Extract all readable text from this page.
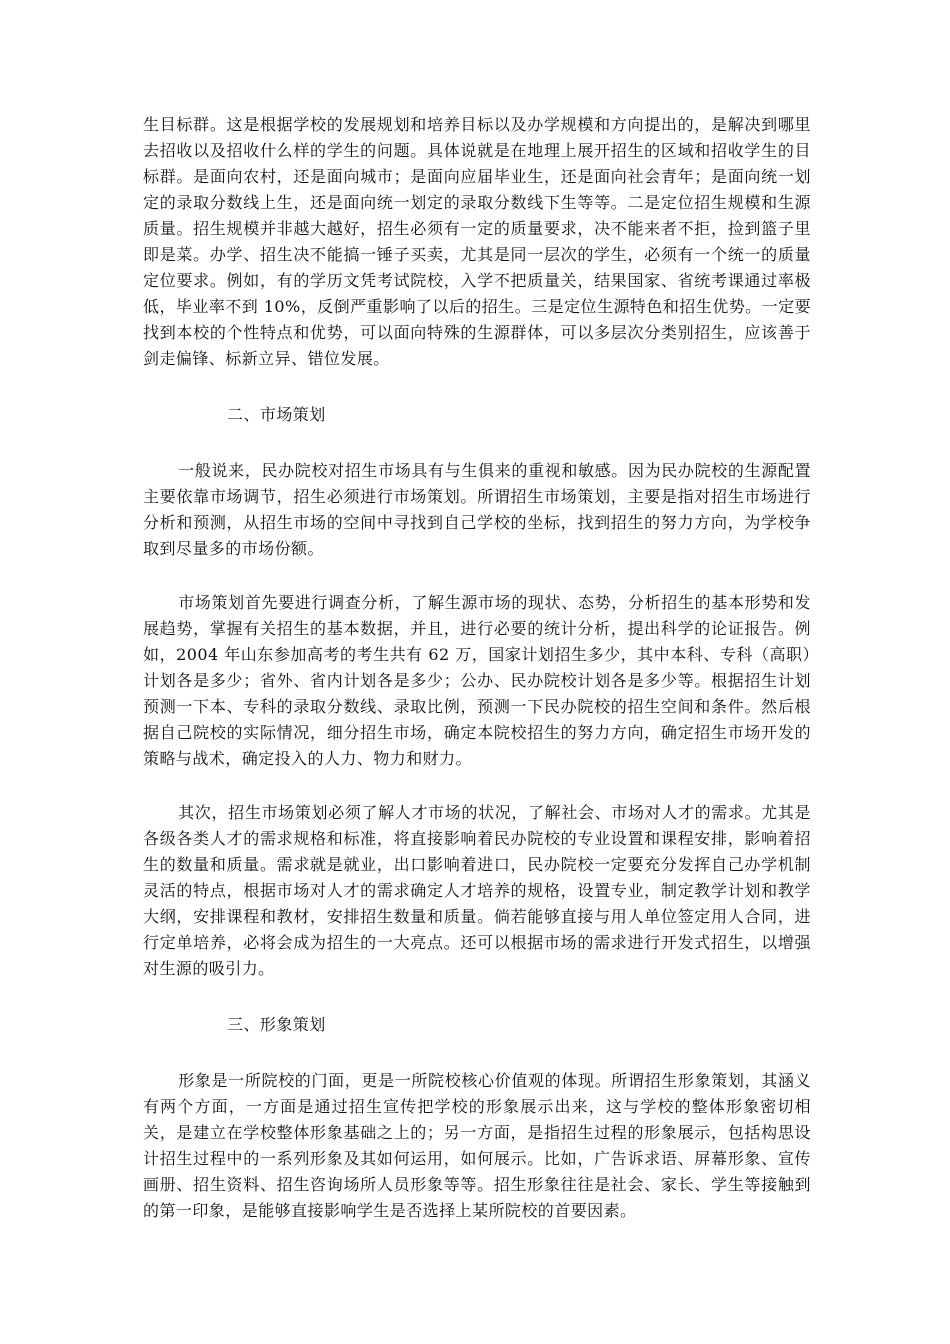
生目标群。这是根据学校的发展规划和培养目标以及办学规模和方向提出的，是解决到哪里去招收以及招收什么样的学生的问题。具体说就是在地理上展开招生的区域和招收学生的目标群。是面向农村，还是面向城市；是面向应届毕业生，还是面向社会青年；是面向统一划定的录取分数线上生，还是面向统一划定的录取分数线下生等等。二是定位招生规模和生源质量。招生规模并非越大越好，招生必须有一定的质量要求，决不能来者不拒，捡到篮子里即是菜。办学、招生决不能搞一锤子买卖，尤其是同一层次的学生，必须有一个统一的质量定位要求。例如，有的学历文凭考试院校，入学不把质量关，结果国家、省统考课通过率极低，毕业率不到 10%，反倒严重影响了以后的招生。三是定位生源特色和招生优势。一定要找到本校的个性特点和优势，可以面向特殊的生源群体，可以多层次分类别招生，应该善于剑走偏锋、标新立异、错位发展。

二、市场策划

一般说来，民办院校对招生市场具有与生俱来的重视和敏感。因为民办院校的生源配置主要依靠市场调节，招生必须进行市场策划。所谓招生市场策划，主要是指对招生市场进行分析和预测，从招生市场的空间中寻找到自己学校的坐标，找到招生的努力方向，为学校争取到尽量多的市场份额。

市场策划首先要进行调查分析，了解生源市场的现状、态势，分析招生的基本形势和发展趋势，掌握有关招生的基本数据，并且，进行必要的统计分析，提出科学的论证报告。例如，2004 年山东参加高考的考生共有 62 万，国家计划招生多少，其中本科、专科（高职）计划各是多少；省外、省内计划各是多少；公办、民办院校计划各是多少等。根据招生计划预测一下本、专科的录取分数线、录取比例，预测一下民办院校的招生空间和条件。然后根据自己院校的实际情况，细分招生市场，确定本院校招生的努力方向，确定招生市场开发的策略与战术，确定投入的人力、物力和财力。

其次，招生市场策划必须了解人才市场的状况，了解社会、市场对人才的需求。尤其是各级各类人才的需求规格和标准，将直接影响着民办院校的专业设置和课程安排，影响着招生的数量和质量。需求就是就业，出口影响着进口，民办院校一定要充分发挥自己办学机制灵活的特点，根据市场对人才的需求确定人才培养的规格，设置专业，制定教学计划和教学大纲，安排课程和教材，安排招生数量和质量。倘若能够直接与用人单位签定用人合同，进行定单培养，必将会成为招生的一大亮点。还可以根据市场的需求进行开发式招生，以增强对生源的吸引力。

三、形象策划

形象是一所院校的门面，更是一所院校核心价值观的体现。所谓招生形象策划，其涵义有两个方面，一方面是通过招生宣传把学校的形象展示出来，这与学校的整体形象密切相关，是建立在学校整体形象基础之上的；另一方面，是指招生过程的形象展示，包括构思设计招生过程中的一系列形象及其如何运用，如何展示。比如，广告诉求语、屏幕形象、宣传画册、招生资料、招生咨询场所人员形象等等。招生形象往往是社会、家长、学生等接触到的第一印象，是能够直接影响学生是否选择上某所院校的首要因素。
